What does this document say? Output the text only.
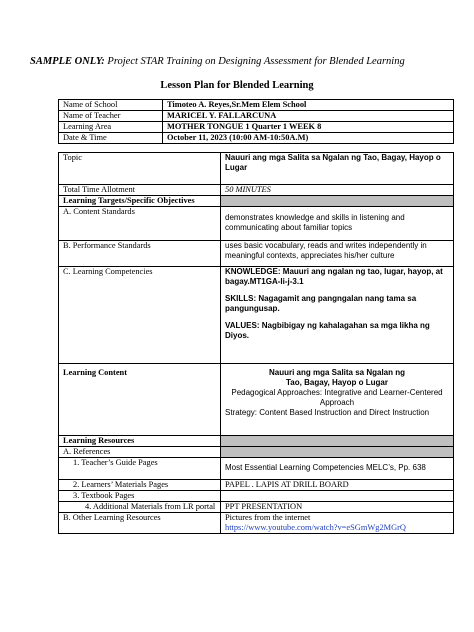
SAMPLE ONLY: Project STAR Training on Designing Assessment for Blended Learning
Lesson Plan for Blended Learning
Name of School	Timoteo A. Reyes,Sr.Mem Elem School
Name of Teacher	MARICEL Y. FALLARCUNA
Learning Area	MOTHER TONGUE 1 Quarter 1 WEEK 8
Date & Time	October 11, 2023 (10:00 AM-10:50A.M)
Topic	Nauuri ang mga Salita sa Ngalan ng Tao, Bagay, Hayop o Lugar
Total Time Allotment	50 MINUTES
Learning Targets/Specific Objectives	
A. Content Standards	demonstrates knowledge and skills in listening and communicating about familiar topics
B. Performance Standards	uses basic vocabulary, reads and writes independently in meaningful contexts, appreciates his/her culture
C. Learning Competencies	KNOWLEDGE: Mauuri ang ngalan ng tao, lugar, hayop, at bagay.MT1GA-Ii-j-3.1
SKILLS: Nagagamit ang pangngalan nang tama sa pangungusap.
VALUES: Nagbibigay ng kahalagahan sa mga likha ng Diyos.
Learning Content	Nauuri ang mga Salita sa Ngalan ng
Tao, Bagay, Hayop o Lugar
Pedagogical Approaches: Integrative and Learner-Centered Approach
Strategy: Content Based Instruction and Direct Instruction

Learning Resources	
A. References	
1. Teacher’s Guide Pages	Most Essential Learning Competencies MELC’s, Pp. 638
2. Learners’ Materials Pages	PAPEL . LAPIS AT DRILL BOARD
3. Textbook Pages	
4. Additional Materials from LR portal	PPT PRESENTATION
B. Other Learning Resources	Pictures from the internet
https://www.youtube.com/watch?v=eSGmWg2MGrQ
